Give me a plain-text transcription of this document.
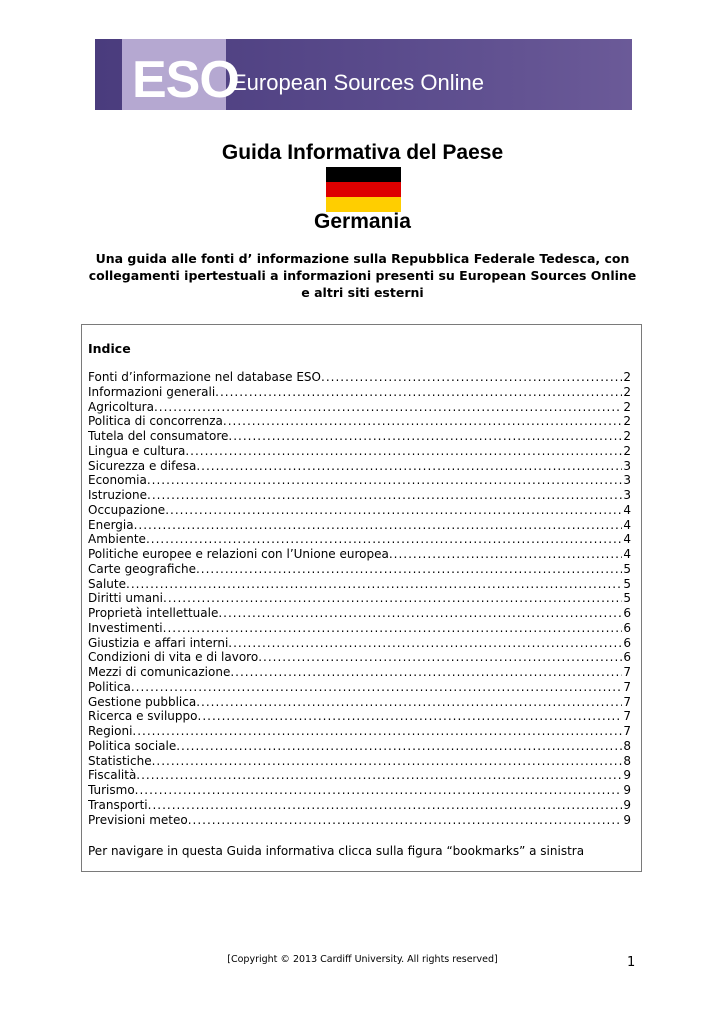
ESO
European Sources Online
Guida Informativa del Paese
Germania
Una guida alle fonti d’ informazione sulla Repubblica Federale Tedesca, con collegamenti ipertestuali a informazioni presenti su European Sources Online e altri siti esterni
Indice
Fonti d’informazione nel database ESO .....	2
Informazioni generali .....	2
Agricoltura .....	2
Politica di concorrenza .....	2
Tutela del consumatore .....	2
Lingua e cultura .....	2
Sicurezza e difesa .....	3
Economia .....	3
Istruzione .....	3
Occupazione .....	4
Energia .....	4
Ambiente .....	4
Politiche europee e relazioni con l’Unione europea .....	4
Carte geografiche .....	5
Salute .....	5
Diritti umani .....	5
Proprietà intellettuale .....	6
Investimenti .....	6
Giustizia e affari interni .....	6
Condizioni di vita e di lavoro .....	6
Mezzi di comunicazione .....	7
Politica .....	7
Gestione pubblica .....	7
Ricerca e sviluppo .....	7
Regioni .....	7
Politica sociale .....	8
Statistiche .....	8
Fiscalità .....	9
Turismo .....	9
Transporti .....	9
Previsioni meteo .....	9
Per navigare in questa Guida informativa clicca sulla figura “bookmarks” a sinistra
[Copyright © 2013 Cardiff University. All rights reserved]	1
